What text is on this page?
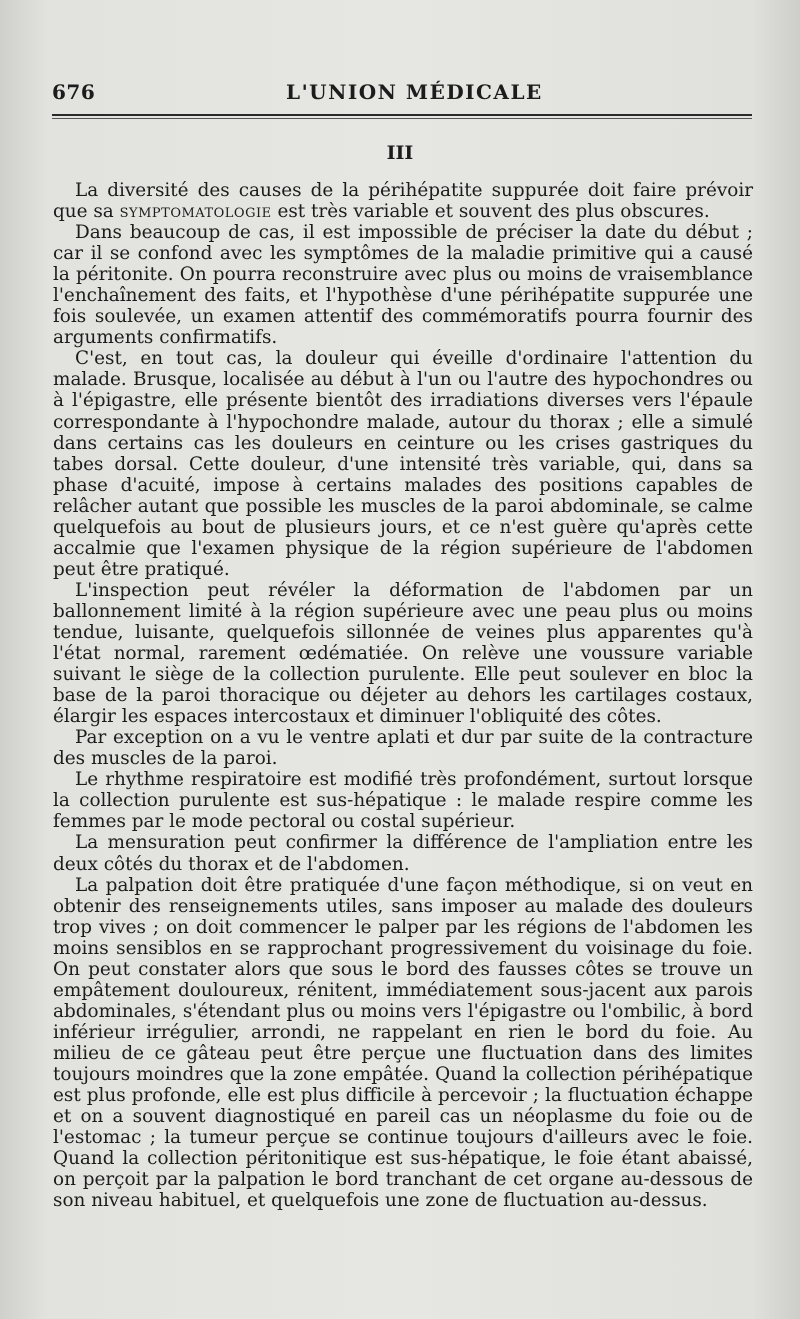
676	L'UNION MÉDICALE
III

La diversité des causes de la périhépatite suppurée doit faire prévoir que sa symptomatologie est très variable et souvent des plus obscures.

Dans beaucoup de cas, il est impossible de préciser la date du début ; car il se confond avec les symptômes de la maladie primitive qui a causé la péritonite. On pourra reconstruire avec plus ou moins de vraisemblance l'enchaînement des faits, et l'hypothèse d'une périhépatite suppurée une fois soulevée, un examen attentif des commémoratifs pourra fournir des arguments confirmatifs.

C'est, en tout cas, la douleur qui éveille d'ordinaire l'attention du malade. Brusque, localisée au début à l'un ou l'autre des hypochondres ou à l'épigastre, elle présente bientôt des irradiations diverses vers l'épaule correspondante à l'hypochondre malade, autour du thorax ; elle a simulé dans certains cas les douleurs en ceinture ou les crises gastriques du tabes dorsal. Cette douleur, d'une intensité très variable, qui, dans sa phase d'acuité, impose à certains malades des positions capables de relâcher autant que possible les muscles de la paroi abdominale, se calme quelquefois au bout de plusieurs jours, et ce n'est guère qu'après cette accalmie que l'examen physique de la région supérieure de l'abdomen peut être pratiqué.

L'inspection peut révéler la déformation de l'abdomen par un ballonnement limité à la région supérieure avec une peau plus ou moins tendue, luisante, quelquefois sillonnée de veines plus apparentes qu'à l'état normal, rarement œdématiée. On relève une voussure variable suivant le siège de la collection purulente. Elle peut soulever en bloc la base de la paroi thoracique ou déjeter au dehors les cartilages costaux, élargir les espaces intercostaux et diminuer l'obliquité des côtes.

Par exception on a vu le ventre aplati et dur par suite de la contracture des muscles de la paroi.

Le rhythme respiratoire est modifié très profondément, surtout lorsque la collection purulente est sus-hépatique : le malade respire comme les femmes par le mode pectoral ou costal supérieur.

La mensuration peut confirmer la différence de l'ampliation entre les deux côtés du thorax et de l'abdomen.

La palpation doit être pratiquée d'une façon méthodique, si on veut en obtenir des renseignements utiles, sans imposer au malade des douleurs trop vives ; on doit commencer le palper par les régions de l'abdomen les moins sensiblos en se rapprochant progressivement du voisinage du foie. On peut constater alors que sous le bord des fausses côtes se trouve un empâtement douloureux, rénitent, immédiatement sous-jacent aux parois abdominales, s'étendant plus ou moins vers l'épigastre ou l'ombilic, à bord inférieur irrégulier, arrondi, ne rappelant en rien le bord du foie. Au milieu de ce gâteau peut être perçue une fluctuation dans des limites toujours moindres que la zone empâtée. Quand la collection périhépatique est plus profonde, elle est plus difficile à percevoir ; la fluctuation échappe et on a souvent diagnostiqué en pareil cas un néoplasme du foie ou de l'estomac ; la tumeur perçue se continue toujours d'ailleurs avec le foie. Quand la collection péritonitique est sus-hépatique, le foie étant abaissé, on perçoit par la palpation le bord tranchant de cet organe au-dessous de son niveau habituel, et quelquefois une zone de fluctuation au-dessus.
